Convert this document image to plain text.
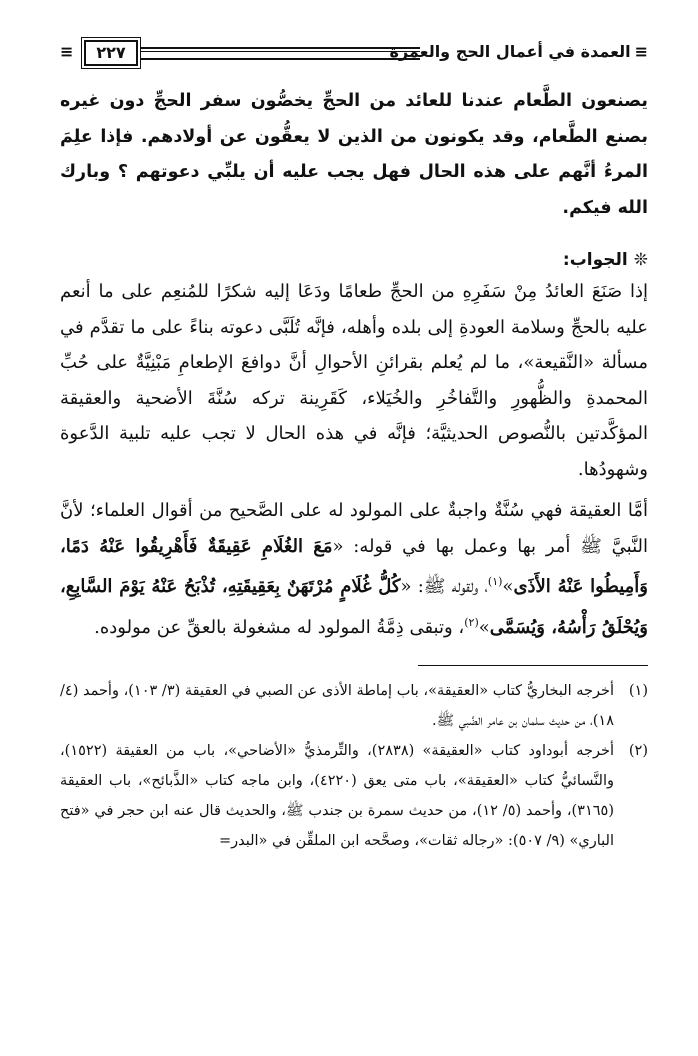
≡العمدة في أعمال الحج والعمرة
٢٢٧
≡
يصنعون الطَّعام عندنا للعائد من الحجِّ يخصُّون سفر الحجِّ دون غيره بصنع الطَّعام، وقد يكونون من الذين لا يعقُّون عن أولادهم. فإذا علِمَ المرءُ أنَّهم على هذه الحال فهل يجب عليه أن يلبِّي دعوتهم ؟ وبارك الله فيكم.
❊الجواب:

إذا صَنَعَ العائدُ مِنْ سَفَرِهِ من الحجِّ طعامًا ودَعَا إليه شكرًا للمُنعِم على ما أنعم عليه بالحجِّ وسلامة العودةِ إلى بلده وأهله، فإنَّه تُلَبَّى دعوته بناءً على ما تقدَّم في مسألة «النَّقيعة»، ما لم يُعلم بقرائنِ الأحوالِ أنَّ دوافعَ الإطعامِ مَبْنِيَّةٌ على حُبِّ المحمدةِ والظُّهورِ والتَّفاخُرِ والخُيَلاء، كَقَرِينة تركه سُنَّةَ الأضحية والعقيقة المؤكَّدتين بالنُّصوص الحديثيَّة؛ فإنَّه في هذه الحال لا تجب عليه تلبية الدَّعوة وشهودُها.

أمَّا العقيقة فهي سُنَّةٌ واجبةٌ على المولود له على الصَّحيح من أقوال العلماء؛ لأنَّ النَّبيَّ ﷺ أمر بها وعمل بها في قوله: «مَعَ الغُلَامِ عَقِيقَةٌ فَأَهْرِيقُوا عَنْهُ دَمًا، وَأَمِيطُوا عَنْهُ الأَذَى»$^{(١)}$، ولقوله ﷺ: «كُلُّ غُلَامٍ مُرْتَهَنٌ بِعَقِيقَتِهِ، تُذْبَحُ عَنْهُ يَوْمَ السَّابِعِ، وَيُحْلَقُ رَأْسُهُ، وَيُسَمَّى»$^{(٢)}$، وتبقى ذِمَّةُ المولود له مشغولة بالعقِّ عن مولوده.

(١)
أخرجه البخاريُّ كتاب «العقيقة»، باب إماطة الأذى عن الصبي في العقيقة (٣/ ١٠٣)، وأحمد (٤/ ١٨)، من حديث سلمان بن عامر الضَّبي ﷺ.

(٢)
أخرجه أبوداود كتاب «العقيقة» (٢٨٣٨)، والتِّرمذيُّ «الأضاحي»، باب من العقيقة (١٥٢٢)، والنَّسائيُّ كتاب «العقيقة»، باب متى يعق (٤٢٢٠)، وابن ماجه كتاب «الذَّبائح»، باب العقيقة (٣١٦٥)، وأحمد (٥/ ١٢)، من حديث سمرة بن جندب ﷺ، والحديث قال عنه ابن حجر في «فتح الباري» (٩/ ٥٠٧): «رجاله ثقات»، وصحَّحه ابن الملقِّن في «البدر=
